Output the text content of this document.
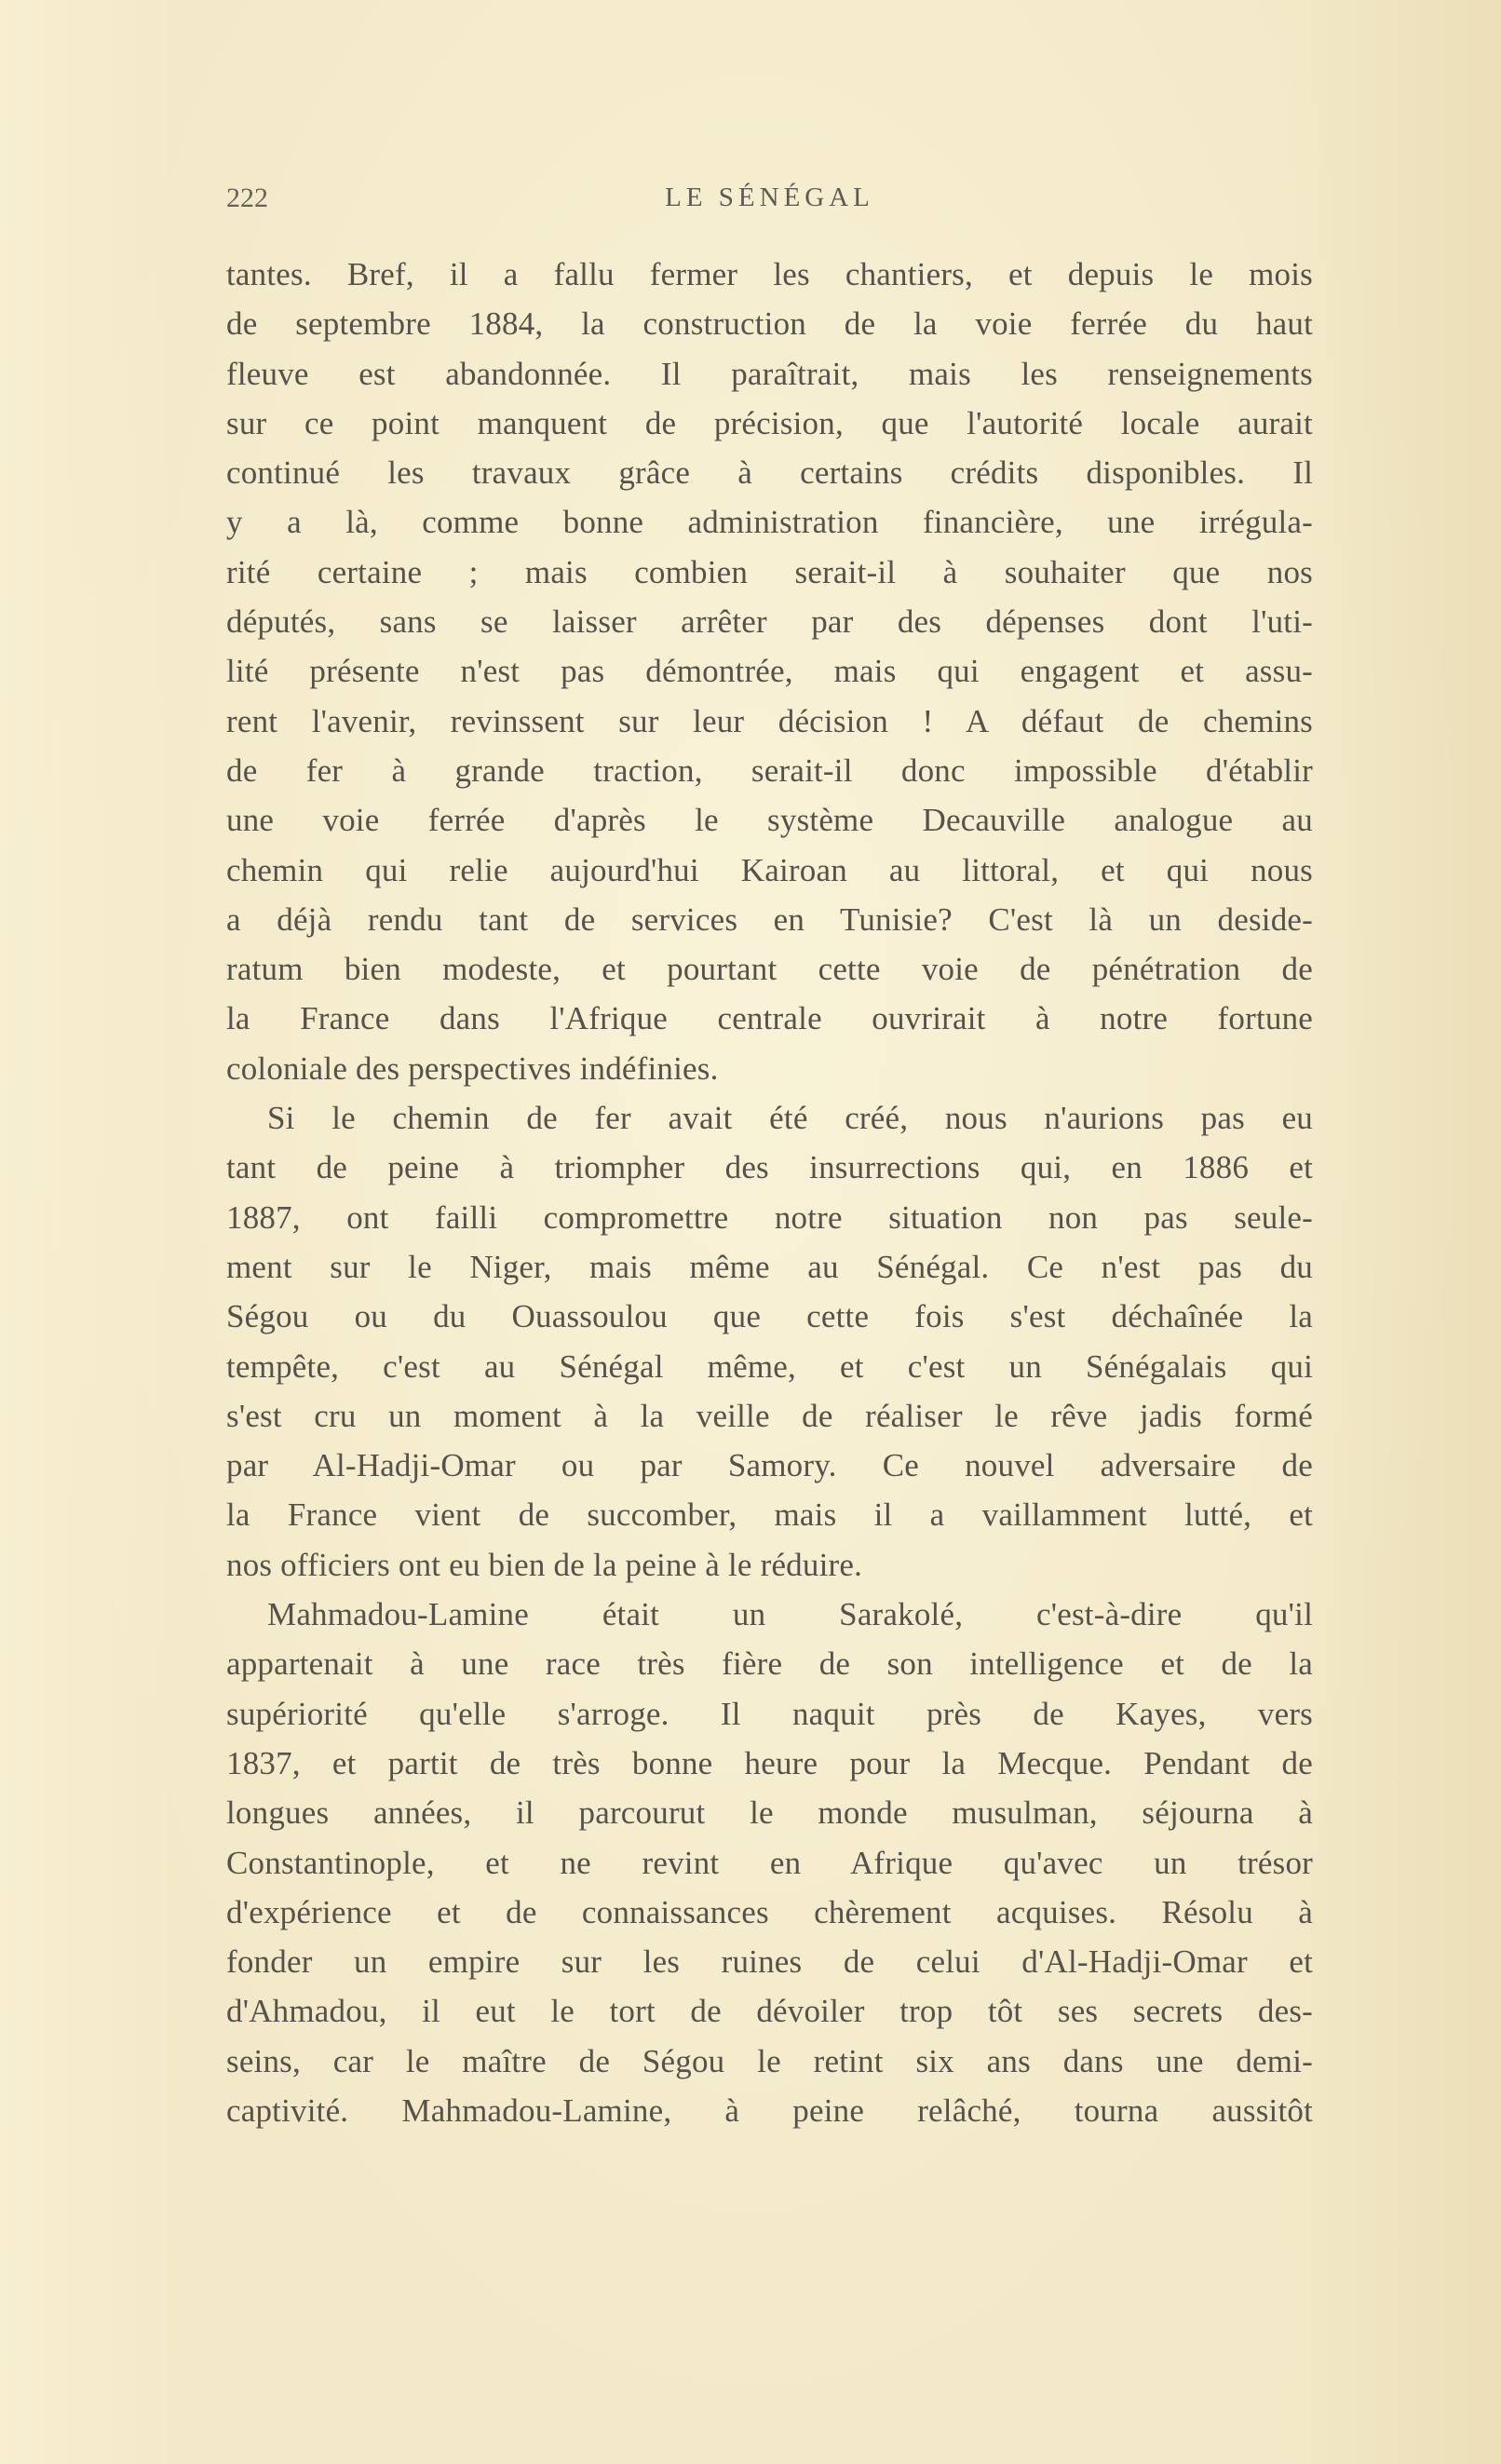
222	LE SÉNÉGAL
tantes. Bref, il a fallu fermer les chantiers, et depuis le mois
de septembre 1884, la construction de la voie ferrée du haut
fleuve est abandonnée. Il paraîtrait, mais les renseignements
sur ce point manquent de précision, que l'autorité locale aurait
continué les travaux grâce à certains crédits disponibles. Il
y a là, comme bonne administration financière, une irrégula-
rité certaine ; mais combien serait-il à souhaiter que nos
députés, sans se laisser arrêter par des dépenses dont l'uti-
lité présente n'est pas démontrée, mais qui engagent et assu-
rent l'avenir, revinssent sur leur décision ! A défaut de chemins
de fer à grande traction, serait-il donc impossible d'établir
une voie ferrée d'après le système Decauville analogue au
chemin qui relie aujourd'hui Kairoan au littoral, et qui nous
a déjà rendu tant de services en Tunisie? C'est là un deside-
ratum bien modeste, et pourtant cette voie de pénétration de
la France dans l'Afrique centrale ouvrirait à notre fortune
coloniale des perspectives indéfinies.
Si le chemin de fer avait été créé, nous n'aurions pas eu
tant de peine à triompher des insurrections qui, en 1886 et
1887, ont failli compromettre notre situation non pas seule-
ment sur le Niger, mais même au Sénégal. Ce n'est pas du
Ségou ou du Ouassoulou que cette fois s'est déchaînée la
tempête, c'est au Sénégal même, et c'est un Sénégalais qui
s'est cru un moment à la veille de réaliser le rêve jadis formé
par Al-Hadji-Omar ou par Samory. Ce nouvel adversaire de
la France vient de succomber, mais il a vaillamment lutté, et
nos officiers ont eu bien de la peine à le réduire.
Mahmadou-Lamine était un Sarakolé, c'est-à-dire qu'il
appartenait à une race très fière de son intelligence et de la
supériorité qu'elle s'arroge. Il naquit près de Kayes, vers
1837, et partit de très bonne heure pour la Mecque. Pendant de
longues années, il parcourut le monde musulman, séjourna à
Constantinople, et ne revint en Afrique qu'avec un trésor
d'expérience et de connaissances chèrement acquises. Résolu à
fonder un empire sur les ruines de celui d'Al-Hadji-Omar et
d'Ahmadou, il eut le tort de dévoiler trop tôt ses secrets des-
seins, car le maître de Ségou le retint six ans dans une demi-
captivité. Mahmadou-Lamine, à peine relâché, tourna aussitôt
